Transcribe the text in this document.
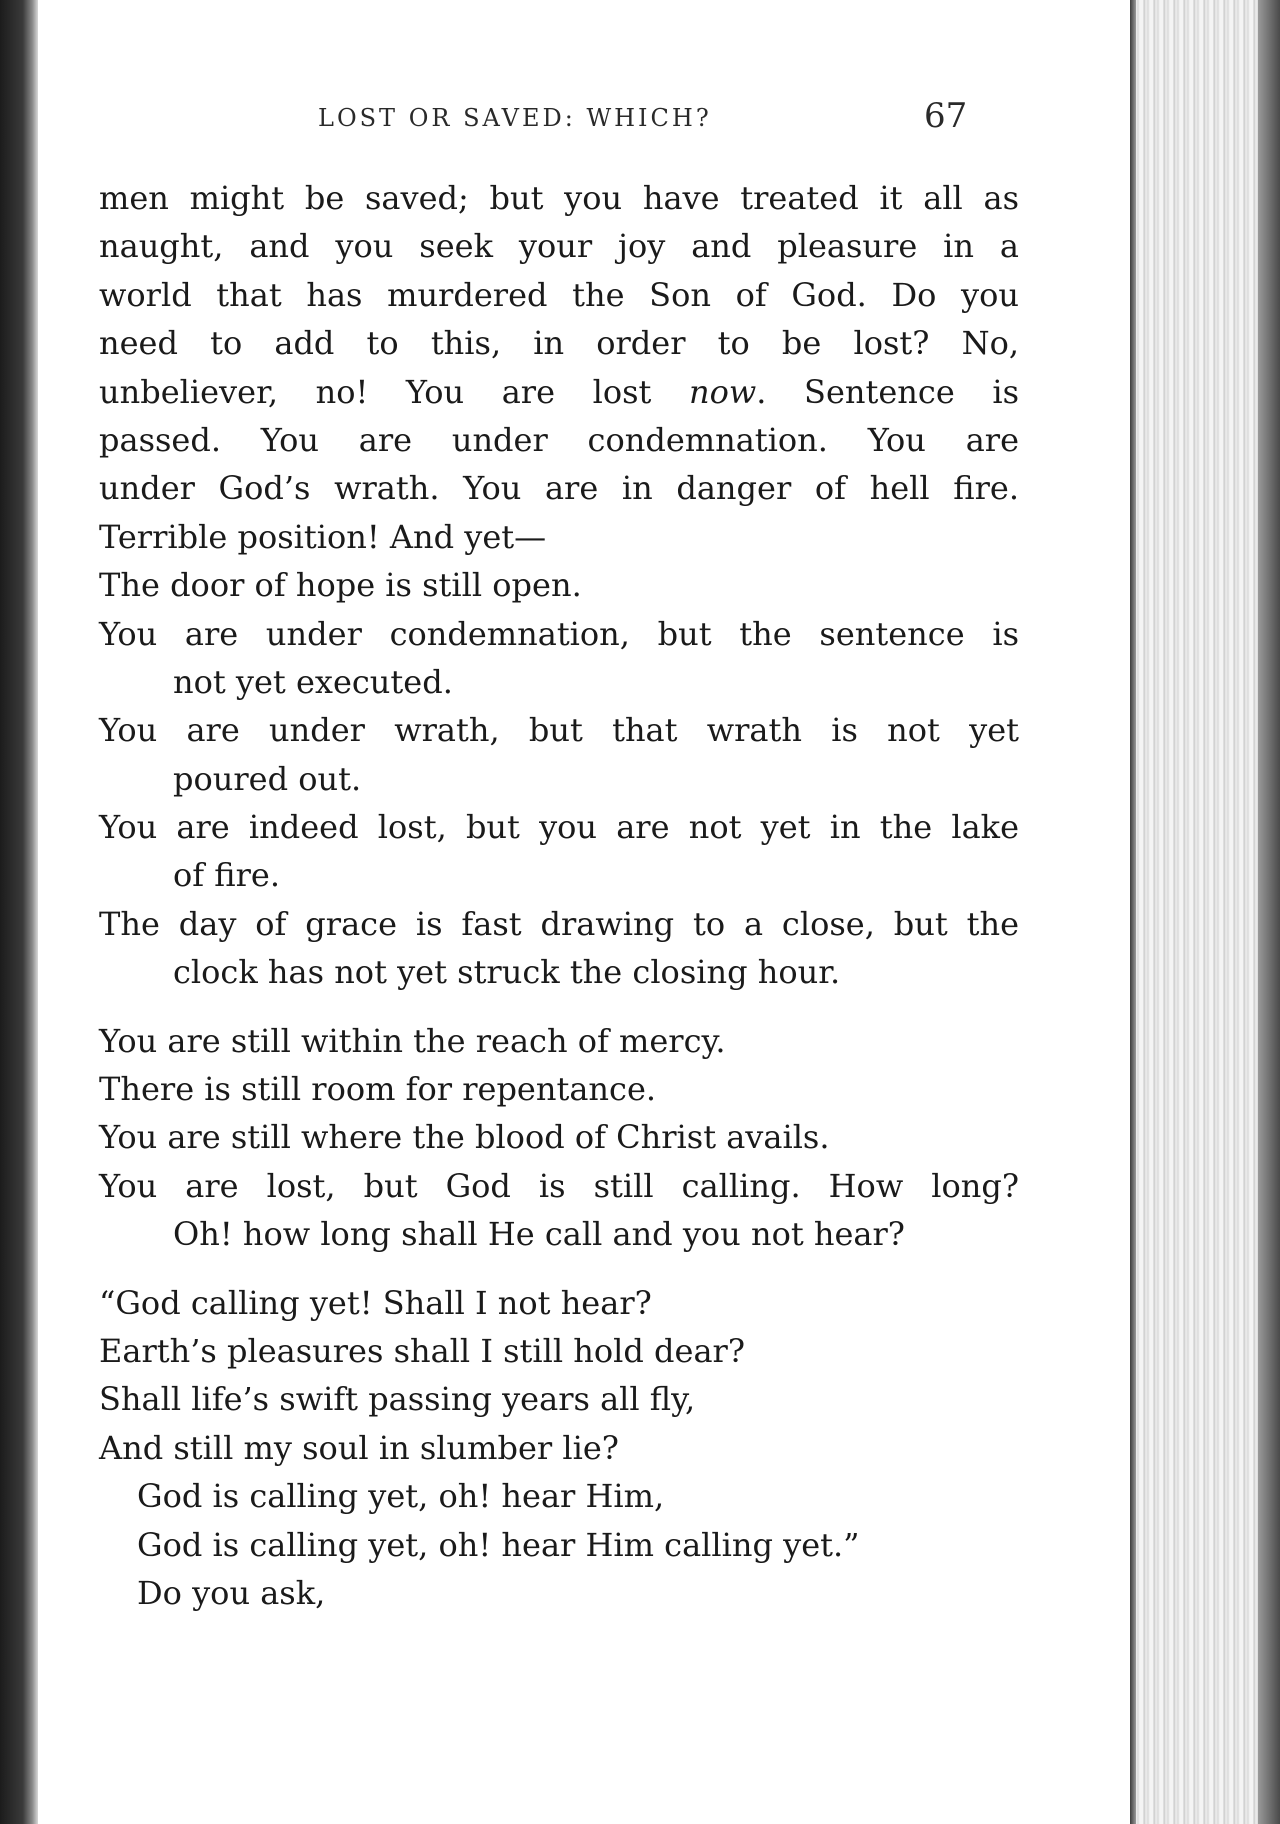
LOST OR SAVED: WHICH?	67
men might be saved; but you have treated it all as
naught, and you seek your joy and pleasure in a
world that has murdered the Son of God. Do you
need to add to this, in order to be lost? No,
unbeliever, no! You are lost now. Sentence is
passed. You are under condemnation. You are
under God’s wrath. You are in danger of hell fire.
Terrible position! And yet—
The door of hope is still open.
You are under condemnation, but the sentence is
not yet executed.
You are under wrath, but that wrath is not yet
poured out.
You are indeed lost, but you are not yet in the lake
of fire.
The day of grace is fast drawing to a close, but the
clock has not yet struck the closing hour.
You are still within the reach of mercy.
There is still room for repentance.
You are still where the blood of Christ avails.
You are lost, but God is still calling. How long?
Oh! how long shall He call and you not hear?
“God calling yet! Shall I not hear?
Earth’s pleasures shall I still hold dear?
Shall life’s swift passing years all fly,
And still my soul in slumber lie?
God is calling yet, oh! hear Him,
God is calling yet, oh! hear Him calling yet.”
Do you ask,
